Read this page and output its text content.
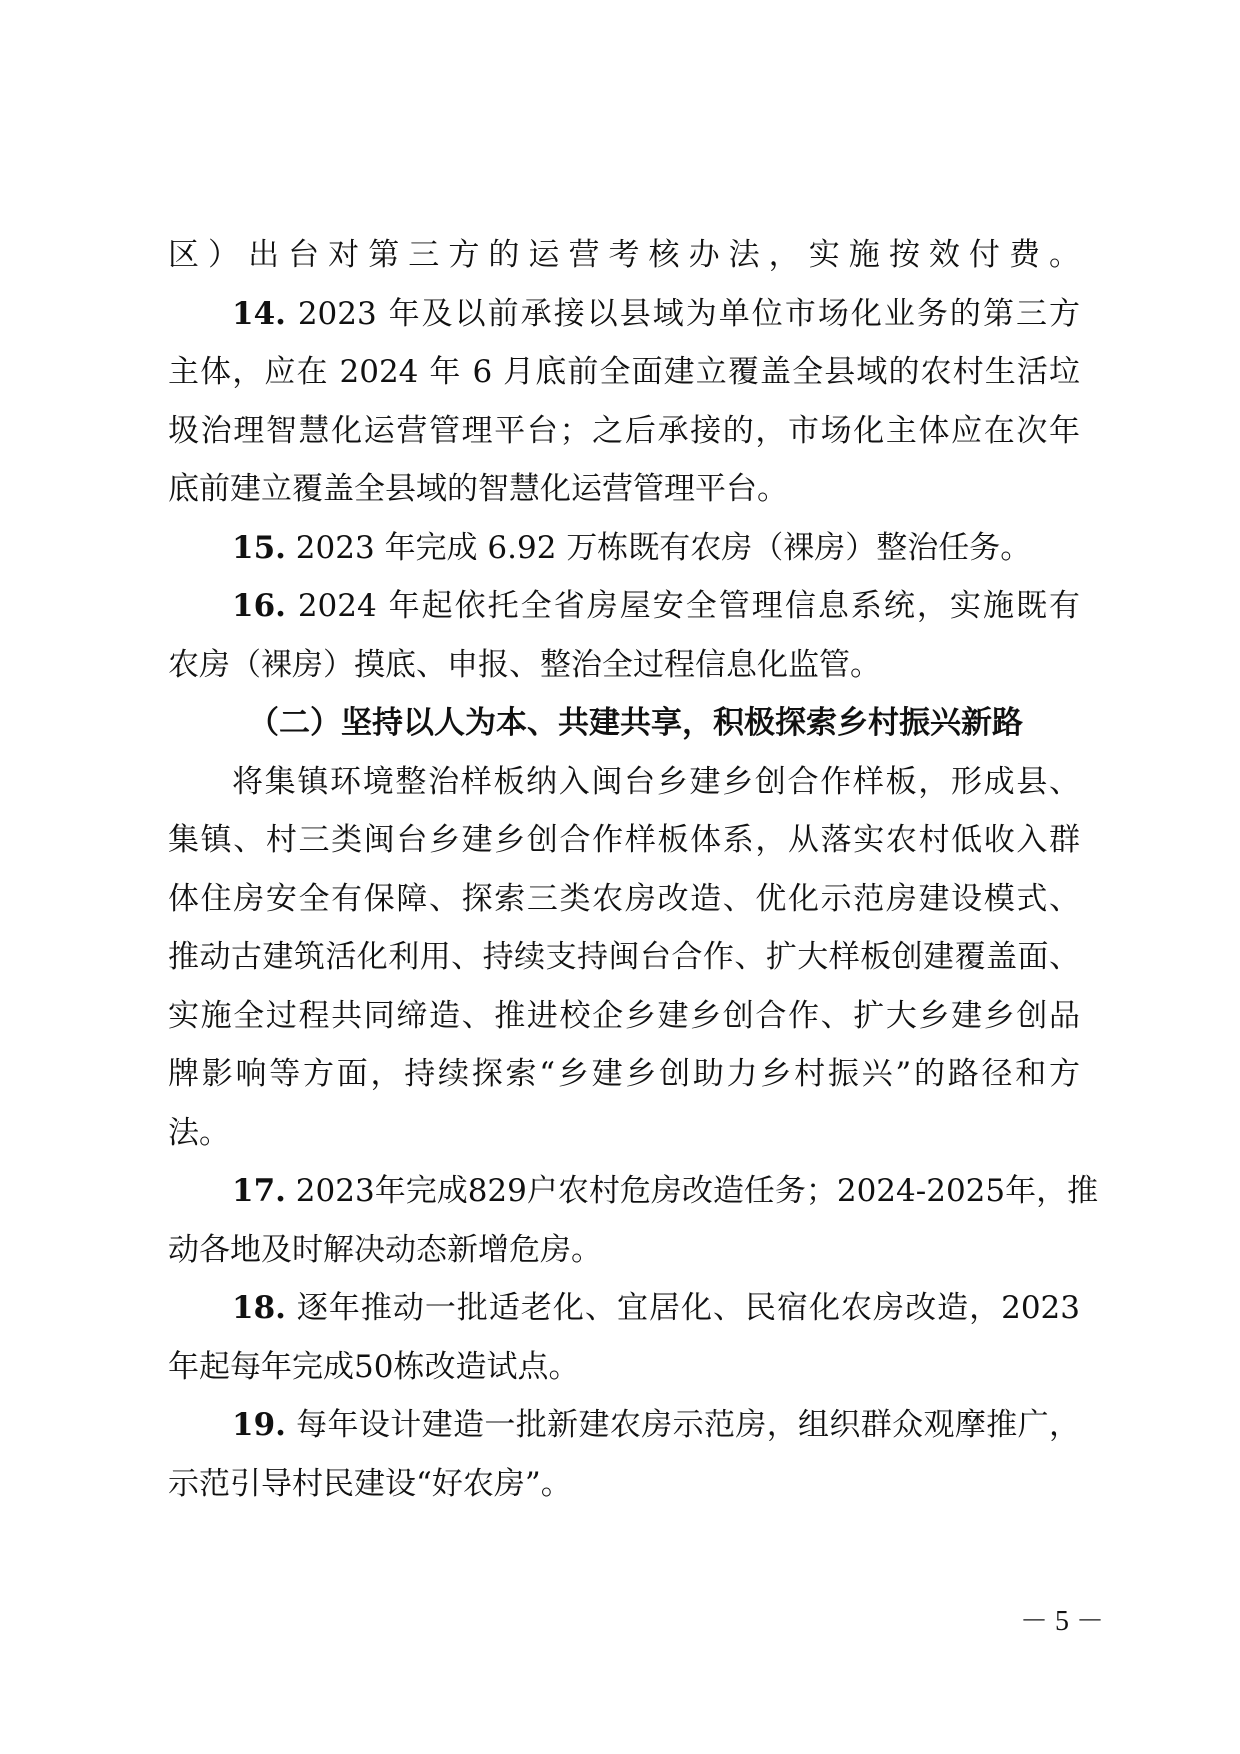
区）出台对第三方的运营考核办法，实施按效付费。
14. 2023 年及以前承接以县域为单位市场化业务的第三方
主体，应在 2024 年 6 月底前全面建立覆盖全县域的农村生活垃
圾治理智慧化运营管理平台；之后承接的，市场化主体应在次年
底前建立覆盖全县域的智慧化运营管理平台。
15. 2023 年完成 6.92 万栋既有农房（裸房）整治任务。
16. 2024 年起依托全省房屋安全管理信息系统，实施既有
农房（裸房）摸底、申报、整治全过程信息化监管。
（二）坚持以人为本、共建共享，积极探索乡村振兴新路
将集镇环境整治样板纳入闽台乡建乡创合作样板，形成县、
集镇、村三类闽台乡建乡创合作样板体系，从落实农村低收入群
体住房安全有保障、探索三类农房改造、优化示范房建设模式、
推动古建筑活化利用、持续支持闽台合作、扩大样板创建覆盖面、
实施全过程共同缔造、推进校企乡建乡创合作、扩大乡建乡创品
牌影响等方面，持续探索“乡建乡创助力乡村振兴”的路径和方
法。
17. 2023年完成829户农村危房改造任务；2024-2025年，推
动各地及时解决动态新增危房。
18. 逐年推动一批适老化、宜居化、民宿化农房改造，2023
年起每年完成50栋改造试点。
19. 每年设计建造一批新建农房示范房，组织群众观摩推广，
示范引导村民建设“好农房”。
－ 5 －
